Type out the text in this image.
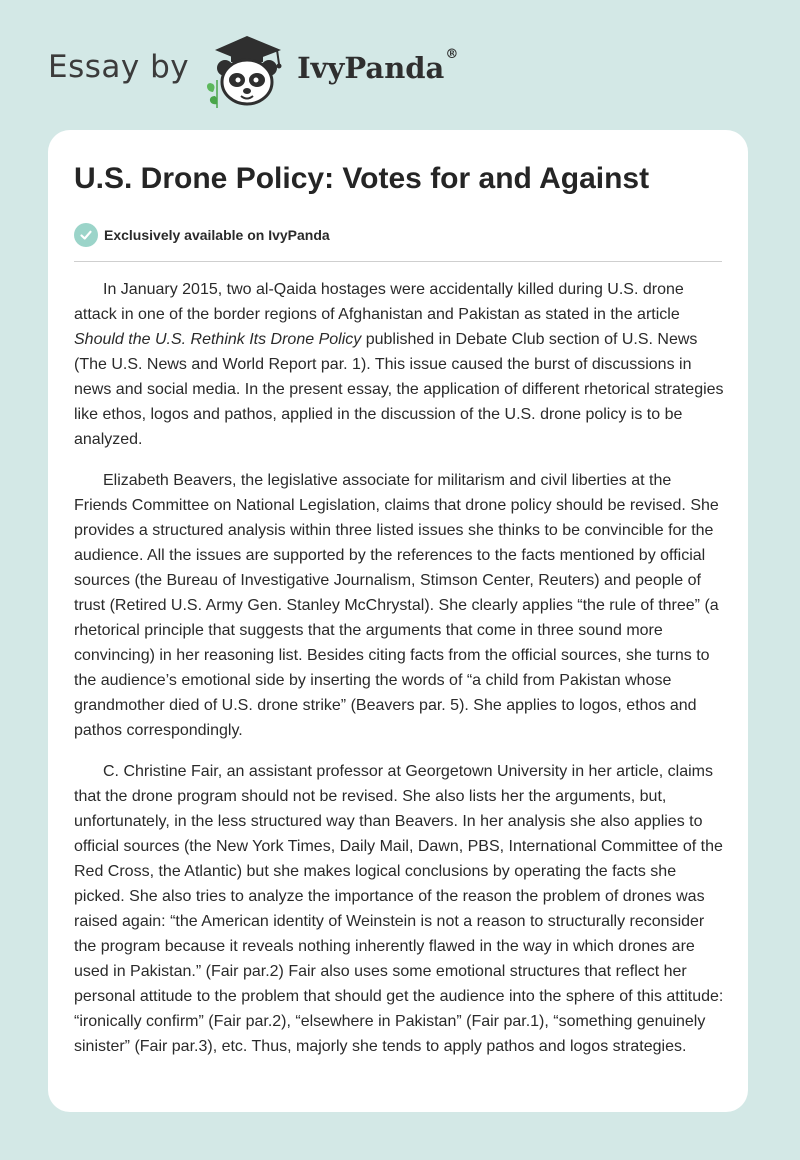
Essay by	IvyPanda®
U.S. Drone Policy: Votes for and Against
Exclusively available on IvyPanda

In January 2015, two al-Qaida hostages were accidentally killed during U.S. drone attack in one of the border regions of Afghanistan and Pakistan as stated in the article Should the U.S. Rethink Its Drone Policy published in Debate Club section of U.S. News (The U.S. News and World Report par. 1). This issue caused the burst of discussions in news and social media. In the present essay, the application of different rhetorical strategies like ethos, logos and pathos, applied in the discussion of the U.S. drone policy is to be analyzed.

Elizabeth Beavers, the legislative associate for militarism and civil liberties at the Friends Committee on National Legislation, claims that drone policy should be revised. She provides a structured analysis within three listed issues she thinks to be convincible for the audience. All the issues are supported by the references to the facts mentioned by official sources (the Bureau of Investigative Journalism, Stimson Center, Reuters) and people of trust (Retired U.S. Army Gen. Stanley McChrystal). She clearly applies “the rule of three” (a rhetorical principle that suggests that the arguments that come in three sound more convincing) in her reasoning list. Besides citing facts from the official sources, she turns to the audience’s emotional side by inserting the words of “a child from Pakistan whose grandmother died of U.S. drone strike” (Beavers par. 5). She applies to logos, ethos and pathos correspondingly.

C. Christine Fair, an assistant professor at Georgetown University in her article, claims that the drone program should not be revised. She also lists her the arguments, but, unfortunately, in the less structured way than Beavers. In her analysis she also applies to official sources (the New York Times, Daily Mail, Dawn, PBS, International Committee of the Red Cross, the Atlantic) but she makes logical conclusions by operating the facts she picked. She also tries to analyze the importance of the reason the problem of drones was raised again: “the American identity of Weinstein is not a reason to structurally reconsider the program because it reveals nothing inherently flawed in the way in which drones are used in Pakistan.” (Fair par.2) Fair also uses some emotional structures that reflect her personal attitude to the problem that should get the audience into the sphere of this attitude: “ironically confirm” (Fair par.2), “elsewhere in Pakistan” (Fair par.1), “something genuinely sinister” (Fair par.3), etc. Thus, majorly she tends to apply pathos and logos strategies.
